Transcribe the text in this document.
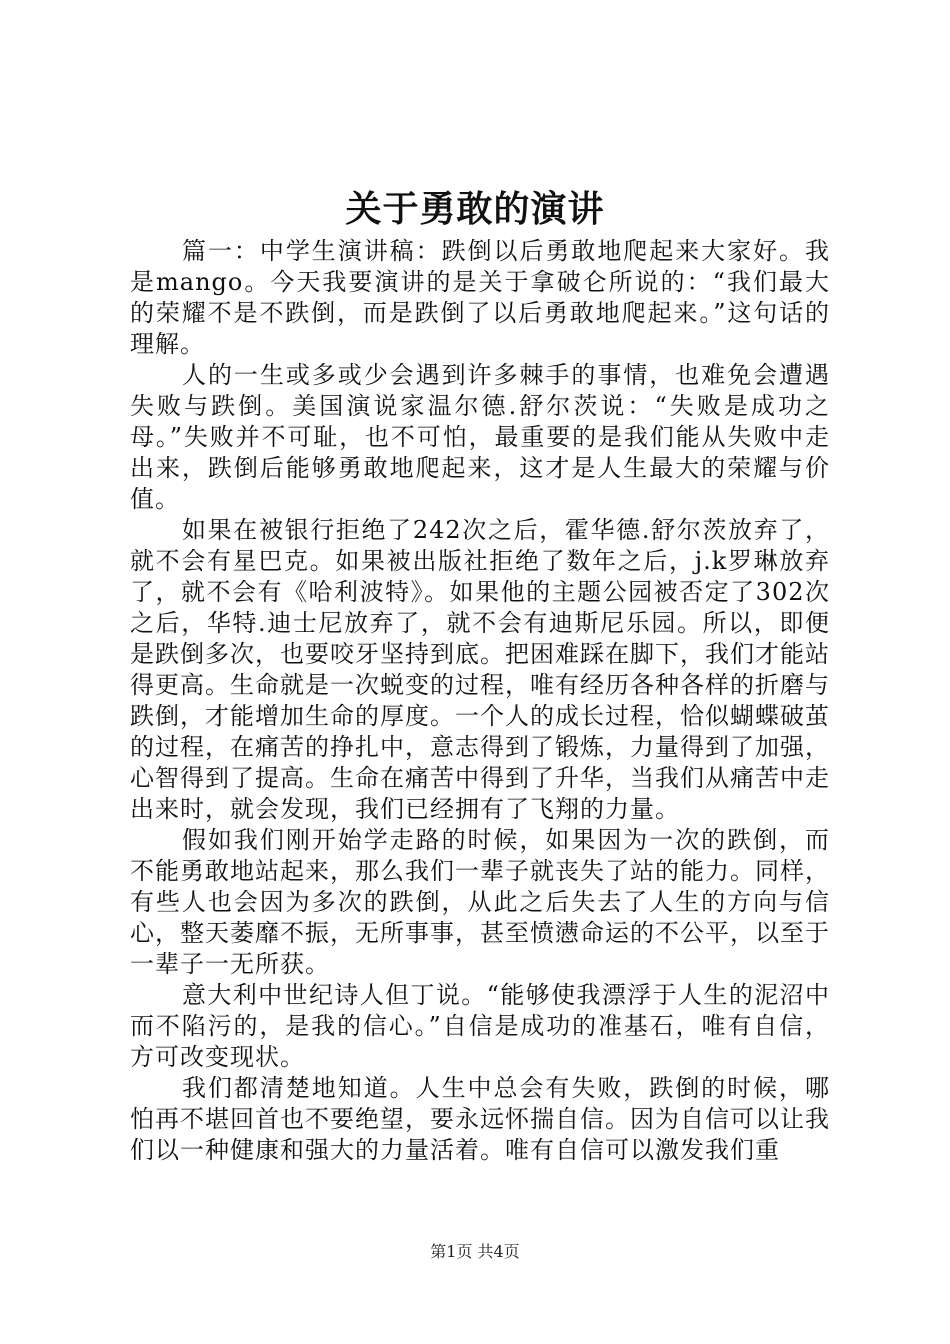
关于勇敢的演讲

篇一：中学生演讲稿：跌倒以后勇敢地爬起来大家好。我是mango。今天我要演讲的是关于拿破仑所说的：“我们最大的荣耀不是不跌倒，而是跌倒了以后勇敢地爬起来。”这句话的理解。

人的一生或多或少会遇到许多棘手的事情，也难免会遭遇失败与跌倒。美国演说家温尔德.舒尔茨说：“失败是成功之母。”失败并不可耻，也不可怕，最重要的是我们能从失败中走出来，跌倒后能够勇敢地爬起来，这才是人生最大的荣耀与价值。

如果在被银行拒绝了242次之后，霍华德.舒尔茨放弃了，就不会有星巴克。如果被出版社拒绝了数年之后，j.k罗琳放弃了，就不会有《哈利波特》。如果他的主题公园被否定了302次之后，华特.迪士尼放弃了，就不会有迪斯尼乐园。所以，即便是跌倒多次，也要咬牙坚持到底。把困难踩在脚下，我们才能站得更高。生命就是一次蜕变的过程，唯有经历各种各样的折磨与跌倒，才能增加生命的厚度。一个人的成长过程，恰似蝴蝶破茧的过程，在痛苦的挣扎中，意志得到了锻炼，力量得到了加强，心智得到了提高。生命在痛苦中得到了升华，当我们从痛苦中走出来时，就会发现，我们已经拥有了飞翔的力量。

假如我们刚开始学走路的时候，如果因为一次的跌倒，而不能勇敢地站起来，那么我们一辈子就丧失了站的能力。同样，有些人也会因为多次的跌倒，从此之后失去了人生的方向与信心，整天萎靡不振，无所事事，甚至愤懑命运的不公平，以至于一辈子一无所获。

意大利中世纪诗人但丁说。“能够使我漂浮于人生的泥沼中而不陷污的，是我的信心。”自信是成功的准基石，唯有自信，方可改变现状。

我们都清楚地知道。人生中总会有失败，跌倒的时候，哪怕再不堪回首也不要绝望，要永远怀揣自信。因为自信可以让我们以一种健康和强大的力量活着。唯有自信可以激发我们重

第1页 共4页
